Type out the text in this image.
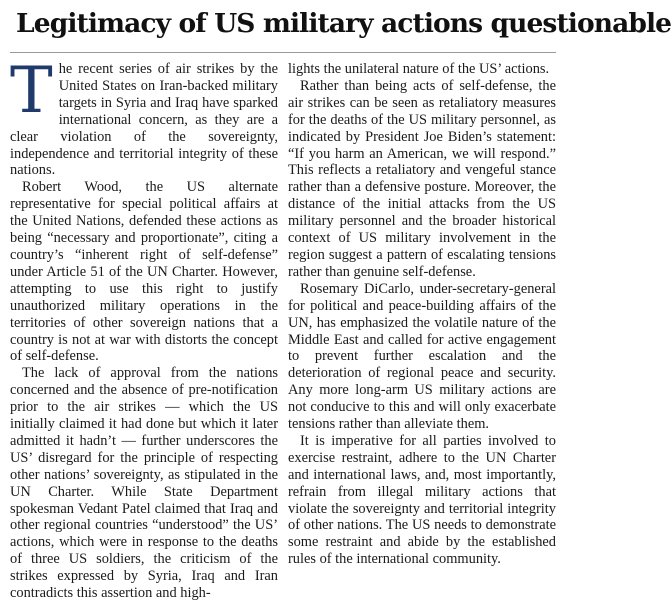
Legitimacy of US military actions questionable

The recent series of air strikes by the United States on Iran-backed military targets in Syria and Iraq have sparked international concern, as they are a clear violation of the sovereignty, independence and territorial integrity of these nations.

Robert Wood, the US alternate representative for special political affairs at the United Nations, defended these actions as being “necessary and proportionate”, citing a country’s “inherent right of self-defense” under Article 51 of the UN Charter. However, attempting to use this right to justify unauthorized military operations in the territories of other sovereign nations that a country is not at war with distorts the concept of self-defense.

The lack of approval from the nations concerned and the absence of pre-notification prior to the air strikes — which the US initially claimed it had done but which it later admitted it hadn’t — further underscores the US’ disregard for the principle of respecting other nations’ sovereignty, as stipulated in the UN Charter. While State Department spokesman Vedant Patel claimed that Iraq and other regional countries “understood” the US’ actions, which were in response to the deaths of three US soldiers, the criticism of the strikes expressed by Syria, Iraq and Iran contradicts this assertion and high-

lights the unilateral nature of the US’ actions.

Rather than being acts of self-defense, the air strikes can be seen as retaliatory measures for the deaths of the US military personnel, as indicated by President Joe Biden’s statement: “If you harm an American, we will respond.” This reflects a retaliatory and vengeful stance rather than a defensive posture. Moreover, the distance of the initial attacks from the US military personnel and the broader historical context of US military involvement in the region suggest a pattern of escalating tensions rather than genuine self-defense.

Rosemary DiCarlo, under-secretary-general for political and peace-building affairs of the UN, has emphasized the volatile nature of the Middle East and called for active engagement to prevent further escalation and the deterioration of regional peace and security. Any more long-arm US military actions are not conducive to this and will only exacerbate tensions rather than alleviate them.

It is imperative for all parties involved to exercise restraint, adhere to the UN Charter and international laws, and, most importantly, refrain from illegal military actions that violate the sovereignty and territorial integrity of other nations. The US needs to demonstrate some restraint and abide by the established rules of the international community.
